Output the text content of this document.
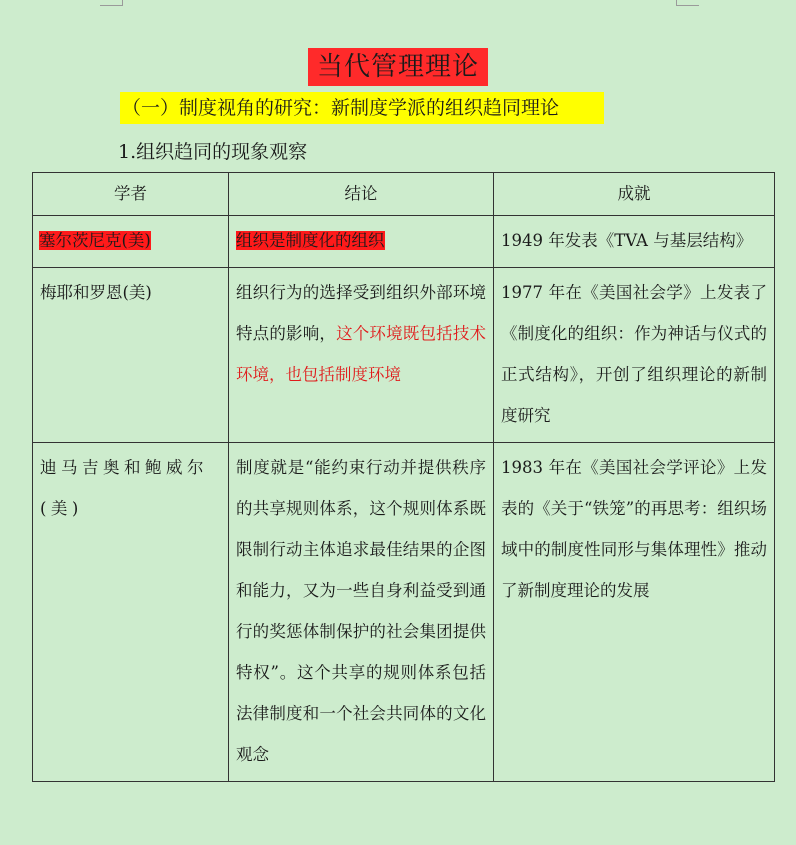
当代管理理论
（一）制度视角的研究：新制度学派的组织趋同理论
1.组织趋同的现象观察
学者	结论	成就
塞尔茨尼克(美)	组织是制度化的组织	1949 年发表《TVA 与基层结构》
梅耶和罗恩(美)	组织行为的选择受到组织外部环境特点的影响，这个环境既包括技术环境，也包括制度环境	1977 年在《美国社会学》上发表了《制度化的组织：作为神话与仪式的正式结构》，开创了组织理论的新制度研究
迪马吉奥和鲍威尔(美)	制度就是“能约束行动并提供秩序的共享规则体系，这个规则体系既限制行动主体追求最佳结果的企图和能力，又为一些自身利益受到通行的奖惩体制保护的社会集团提供特权”。这个共享的规则体系包括法律制度和一个社会共同体的文化观念	1983 年在《美国社会学评论》上发表的《关于“铁笼”的再思考：组织场域中的制度性同形与集体理性》推动了新制度理论的发展
